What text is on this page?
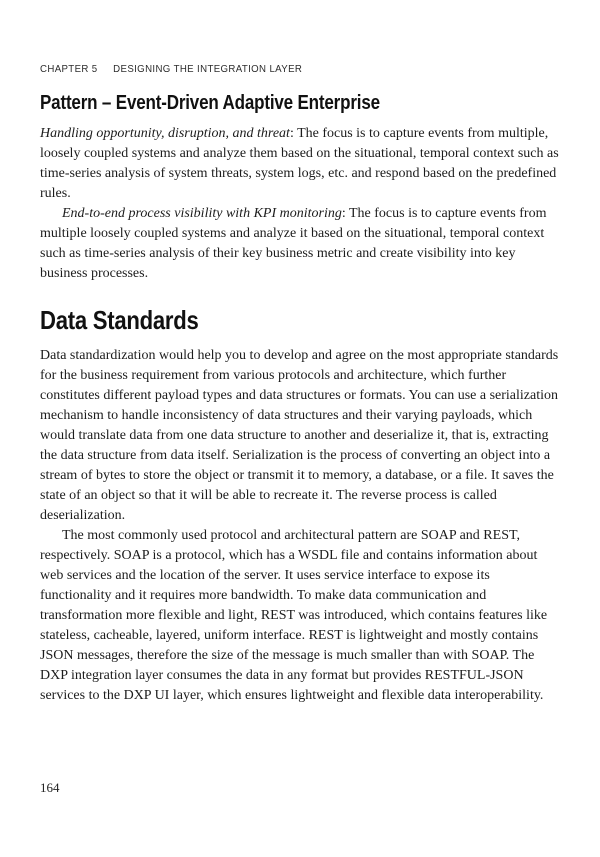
CHAPTER 5 DESIGNING THE INTEGRATION LAYER
Pattern – Event-Driven Adaptive Enterprise

Handling opportunity, disruption, and threat: The focus is to capture events from multiple, loosely coupled systems and analyze them based on the situational, temporal context such as time-series analysis of system threats, system logs, etc. and respond based on the predefined rules.

End-to-end process visibility with KPI monitoring: The focus is to capture events from multiple loosely coupled systems and analyze it based on the situational, temporal context such as time-series analysis of their key business metric and create visibility into key business processes.

Data Standards

Data standardization would help you to develop and agree on the most appropriate standards for the business requirement from various protocols and architecture, which further constitutes different payload types and data structures or formats. You can use a serialization mechanism to handle inconsistency of data structures and their varying payloads, which would translate data from one data structure to another and deserialize it, that is, extracting the data structure from data itself. Serialization is the process of converting an object into a stream of bytes to store the object or transmit it to memory, a database, or a file. It saves the state of an object so that it will be able to recreate it. The reverse process is called deserialization.

The most commonly used protocol and architectural pattern are SOAP and REST, respectively. SOAP is a protocol, which has a WSDL file and contains information about web services and the location of the server. It uses service interface to expose its functionality and it requires more bandwidth. To make data communication and transformation more flexible and light, REST was introduced, which contains features like stateless, cacheable, layered, uniform interface. REST is lightweight and mostly contains JSON messages, therefore the size of the message is much smaller than with SOAP. The DXP integration layer consumes the data in any format but provides RESTFUL-JSON services to the DXP UI layer, which ensures lightweight and flexible data interoperability.

164
